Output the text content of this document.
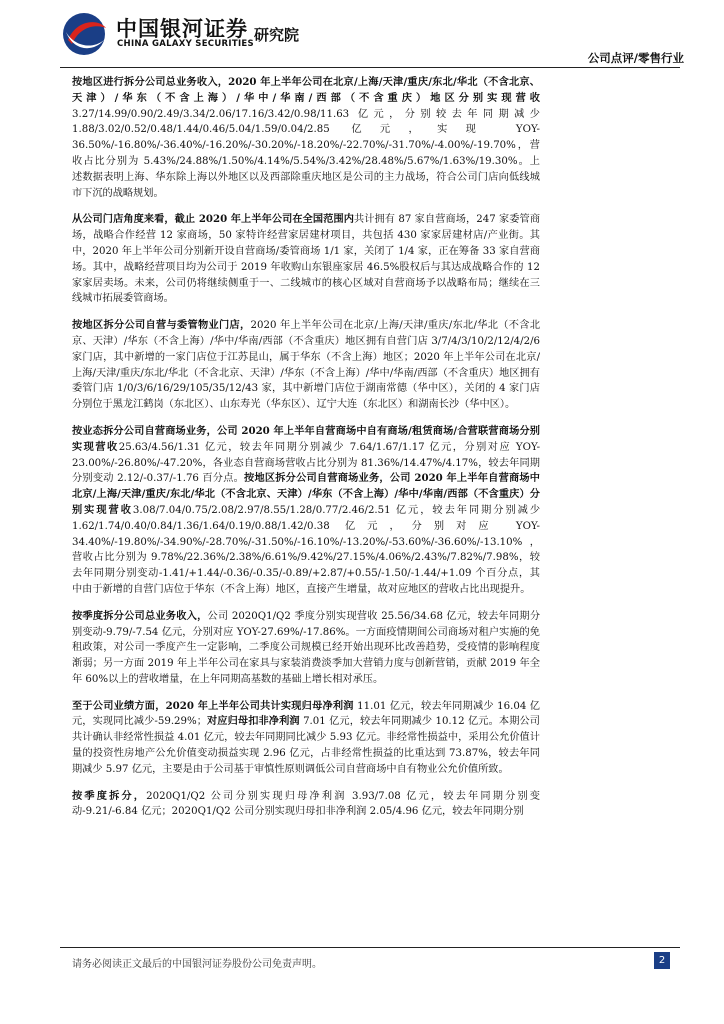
中国银河证券
CHINA GALAXY SECURITIES 研究院
公司点评/零售行业

按地区进行拆分公司总业务收入，2020 年上半年公司在北京/上海/天津/重庆/东北/华北（不含北京、天津）/华东（不含上海）/华中/华南/西部（不含重庆）地区分别实现营收3.27/14.99/0.90/2.49/3.34/2.06/17.16/3.42/0.98/11.63 亿元，分别较去年同期减少 1.88/3.02/0.52/0.48/1.44/0.46/5.04/1.59/0.04/2.85 亿元，实现 YOY-36.50%/-16.80%/-36.40%/-16.20%/-30.20%/-18.20%/-22.70%/-31.70%/-4.00%/-19.70%，营收占比分别为 5.43%/24.88%/1.50%/4.14%/5.54%/3.42%/28.48%/5.67%/1.63%/19.30%。上述数据表明上海、华东除上海以外地区以及西部除重庆地区是公司的主力战场，符合公司门店向低线城市下沉的战略规划。

从公司门店角度来看，截止 2020 年上半年公司在全国范围内共计拥有 87 家自营商场，247 家委管商场，战略合作经营 12 家商场，50 家特许经营家居建材项目，共包括 430 家家居建材店/产业街。其中，2020 年上半年公司分别新开设自营商场/委管商场 1/1 家，关闭了 1/4 家，正在筹备 33 家自营商场。其中，战略经营项目均为公司于 2019 年收购山东银座家居 46.5%股权后与其达成战略合作的 12 家家居卖场。未来，公司仍将继续侧重于一、二线城市的核心区域对自营商场予以战略布局；继续在三线城市拓展委管商场。

按地区拆分公司自营与委管物业门店，2020 年上半年公司在北京/上海/天津/重庆/东北/华北（不含北京、天津）/华东（不含上海）/华中/华南/西部（不含重庆）地区拥有自营门店 3/7/4/3/10/2/12/4/2/6 家门店，其中新增的一家门店位于江苏昆山，属于华东（不含上海）地区；2020 年上半年公司在北京/上海/天津/重庆/东北/华北（不含北京、天津）/华东（不含上海）/华中/华南/西部（不含重庆）地区拥有委管门店 1/0/3/6/16/29/105/35/12/43 家，其中新增门店位于湖南常德（华中区），关闭的 4 家门店分别位于黑龙江鹤岗（东北区）、山东寿光（华东区）、辽宁大连（东北区）和湖南长沙（华中区）。

按业态拆分公司自营商场业务，公司 2020 年上半年自营商场中自有商场/租赁商场/合营联营商场分别实现营收25.63/4.56/1.31 亿元，较去年同期分别减少 7.64/1.67/1.17 亿元，分别对应 YOY-23.00%/-26.80%/-47.20%，各业态自营商场营收占比分别为 81.36%/14.47%/4.17%，较去年同期分别变动 2.12/-0.37/-1.76 百分点。按地区拆分公司自营商场业务，公司 2020 年上半年自营商场中北京/上海/天津/重庆/东北/华北（不含北京、天津）/华东（不含上海）/华中/华南/西部（不含重庆）分别实现营收3.08/7.04/0.75/2.08/2.97/8.55/1.28/0.77/2.46/2.51 亿元，较去年同期分别减少 1.62/1.74/0.40/0.84/1.36/1.64/0.19/0.88/1.42/0.38 亿元，分别对应 YOY-34.40%/-19.80%/-34.90%/-28.70%/-31.50%/-16.10%/-13.20%/-53.60%/-36.60%/-13.10%，营收占比分别为 9.78%/22.36%/2.38%/6.61%/9.42%/27.15%/4.06%/2.43%/7.82%/7.98%，较去年同期分别变动-1.41/+1.44/-0.36/-0.35/-0.89/+2.87/+0.55/-1.50/-1.44/+1.09 个百分点，其中由于新增的自营门店位于华东（不含上海）地区，直接产生增量，故对应地区的营收占比出现提升。

按季度拆分公司总业务收入，公司 2020Q1/Q2 季度分别实现营收 25.56/34.68 亿元，较去年同期分别变动-9.79/-7.54 亿元，分别对应 YOY-27.69%/-17.86%。一方面疫情期间公司商场对租户实施的免租政策，对公司一季度产生一定影响，二季度公司规模已经开始出现环比改善趋势，受疫情的影响程度渐弱；另一方面 2019 年上半年公司在家具与家装消费淡季加大营销力度与创新营销，贡献 2019 年全年 60%以上的营收增量，在上年同期高基数的基础上增长相对承压。

至于公司业绩方面，2020 年上半年公司共计实现归母净利润 11.01 亿元，较去年同期减少 16.04 亿元，实现同比减少-59.29%；对应归母扣非净利润 7.01 亿元，较去年同期减少 10.12 亿元。本期公司共计确认非经常性损益 4.01 亿元，较去年同期同比减少 5.93 亿元。非经常性损益中，采用公允价值计量的投资性房地产公允价值变动损益实现 2.96 亿元，占非经常性损益的比重达到 73.87%，较去年同期减少 5.97 亿元，主要是由于公司基于审慎性原则调低公司自营商场中自有物业公允价值所致。

按季度拆分，2020Q1/Q2 公司分别实现归母净利润 3.93/7.08 亿元，较去年同期分别变动-9.21/-6.84 亿元；2020Q1/Q2 公司分别实现归母扣非净利润 2.05/4.96 亿元，较去年同期分别

请务必阅读正文最后的中国银河证券股份公司免责声明。	2
